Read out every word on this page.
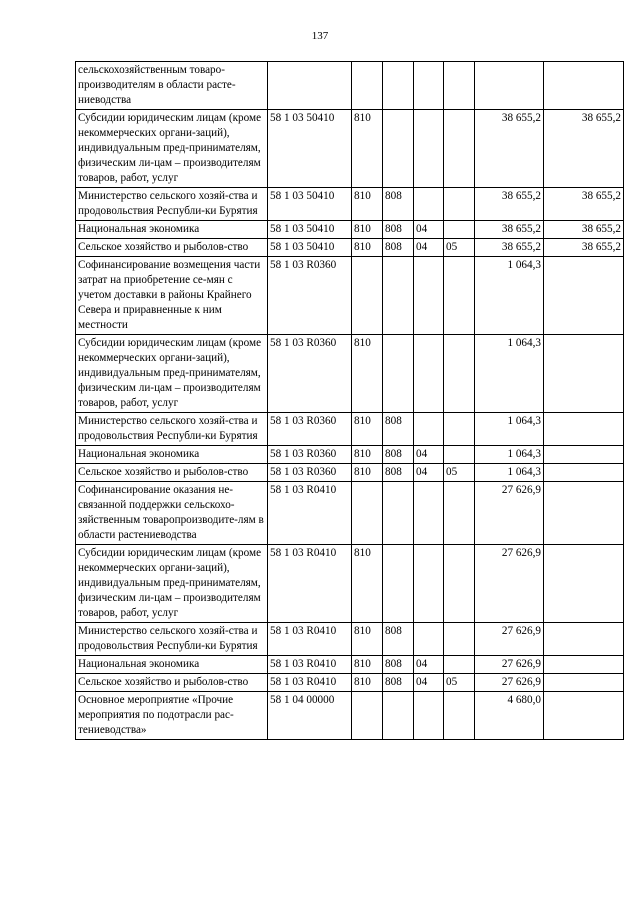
137
сельскохозяйственным товаро-производителям в области расте-ниеводства							
Субсидии юридическим лицам (кроме некоммерческих органи-заций), индивидуальным пред-принимателям, физическим ли-цам – производителям товаров, работ, услуг	58 1 03 50410	810				38 655,2	38 655,2
Министерство сельского хозяй-ства и продовольствия Республи-ки Бурятия	58 1 03 50410	810	808			38 655,2	38 655,2
Национальная экономика	58 1 03 50410	810	808	04		38 655,2	38 655,2
Сельское хозяйство и рыболов-ство	58 1 03 50410	810	808	04	05	38 655,2	38 655,2
Софинансирование возмещения части затрат на приобретение се-мян с учетом доставки в районы Крайнего Севера и приравненные к ним местности	58 1 03 R0360					1 064,3	
Субсидии юридическим лицам (кроме некоммерческих органи-заций), индивидуальным пред-принимателям, физическим ли-цам – производителям товаров, работ, услуг	58 1 03 R0360	810				1 064,3	
Министерство сельского хозяй-ства и продовольствия Республи-ки Бурятия	58 1 03 R0360	810	808			1 064,3	
Национальная экономика	58 1 03 R0360	810	808	04		1 064,3	
Сельское хозяйство и рыболов-ство	58 1 03 R0360	810	808	04	05	1 064,3	
Софинансирование оказания не-связанной поддержки сельскохо-зяйственным товаропроизводите-лям в области растениеводства	58 1 03 R0410					27 626,9	
Субсидии юридическим лицам (кроме некоммерческих органи-заций), индивидуальным пред-принимателям, физическим ли-цам – производителям товаров, работ, услуг	58 1 03 R0410	810				27 626,9	
Министерство сельского хозяй-ства и продовольствия Республи-ки Бурятия	58 1 03 R0410	810	808			27 626,9	
Национальная экономика	58 1 03 R0410	810	808	04		27 626,9	
Сельское хозяйство и рыболов-ство	58 1 03 R0410	810	808	04	05	27 626,9	
Основное мероприятие «Прочие мероприятия по подотрасли рас-тениеводства»	58 1 04 00000					4 680,0	
